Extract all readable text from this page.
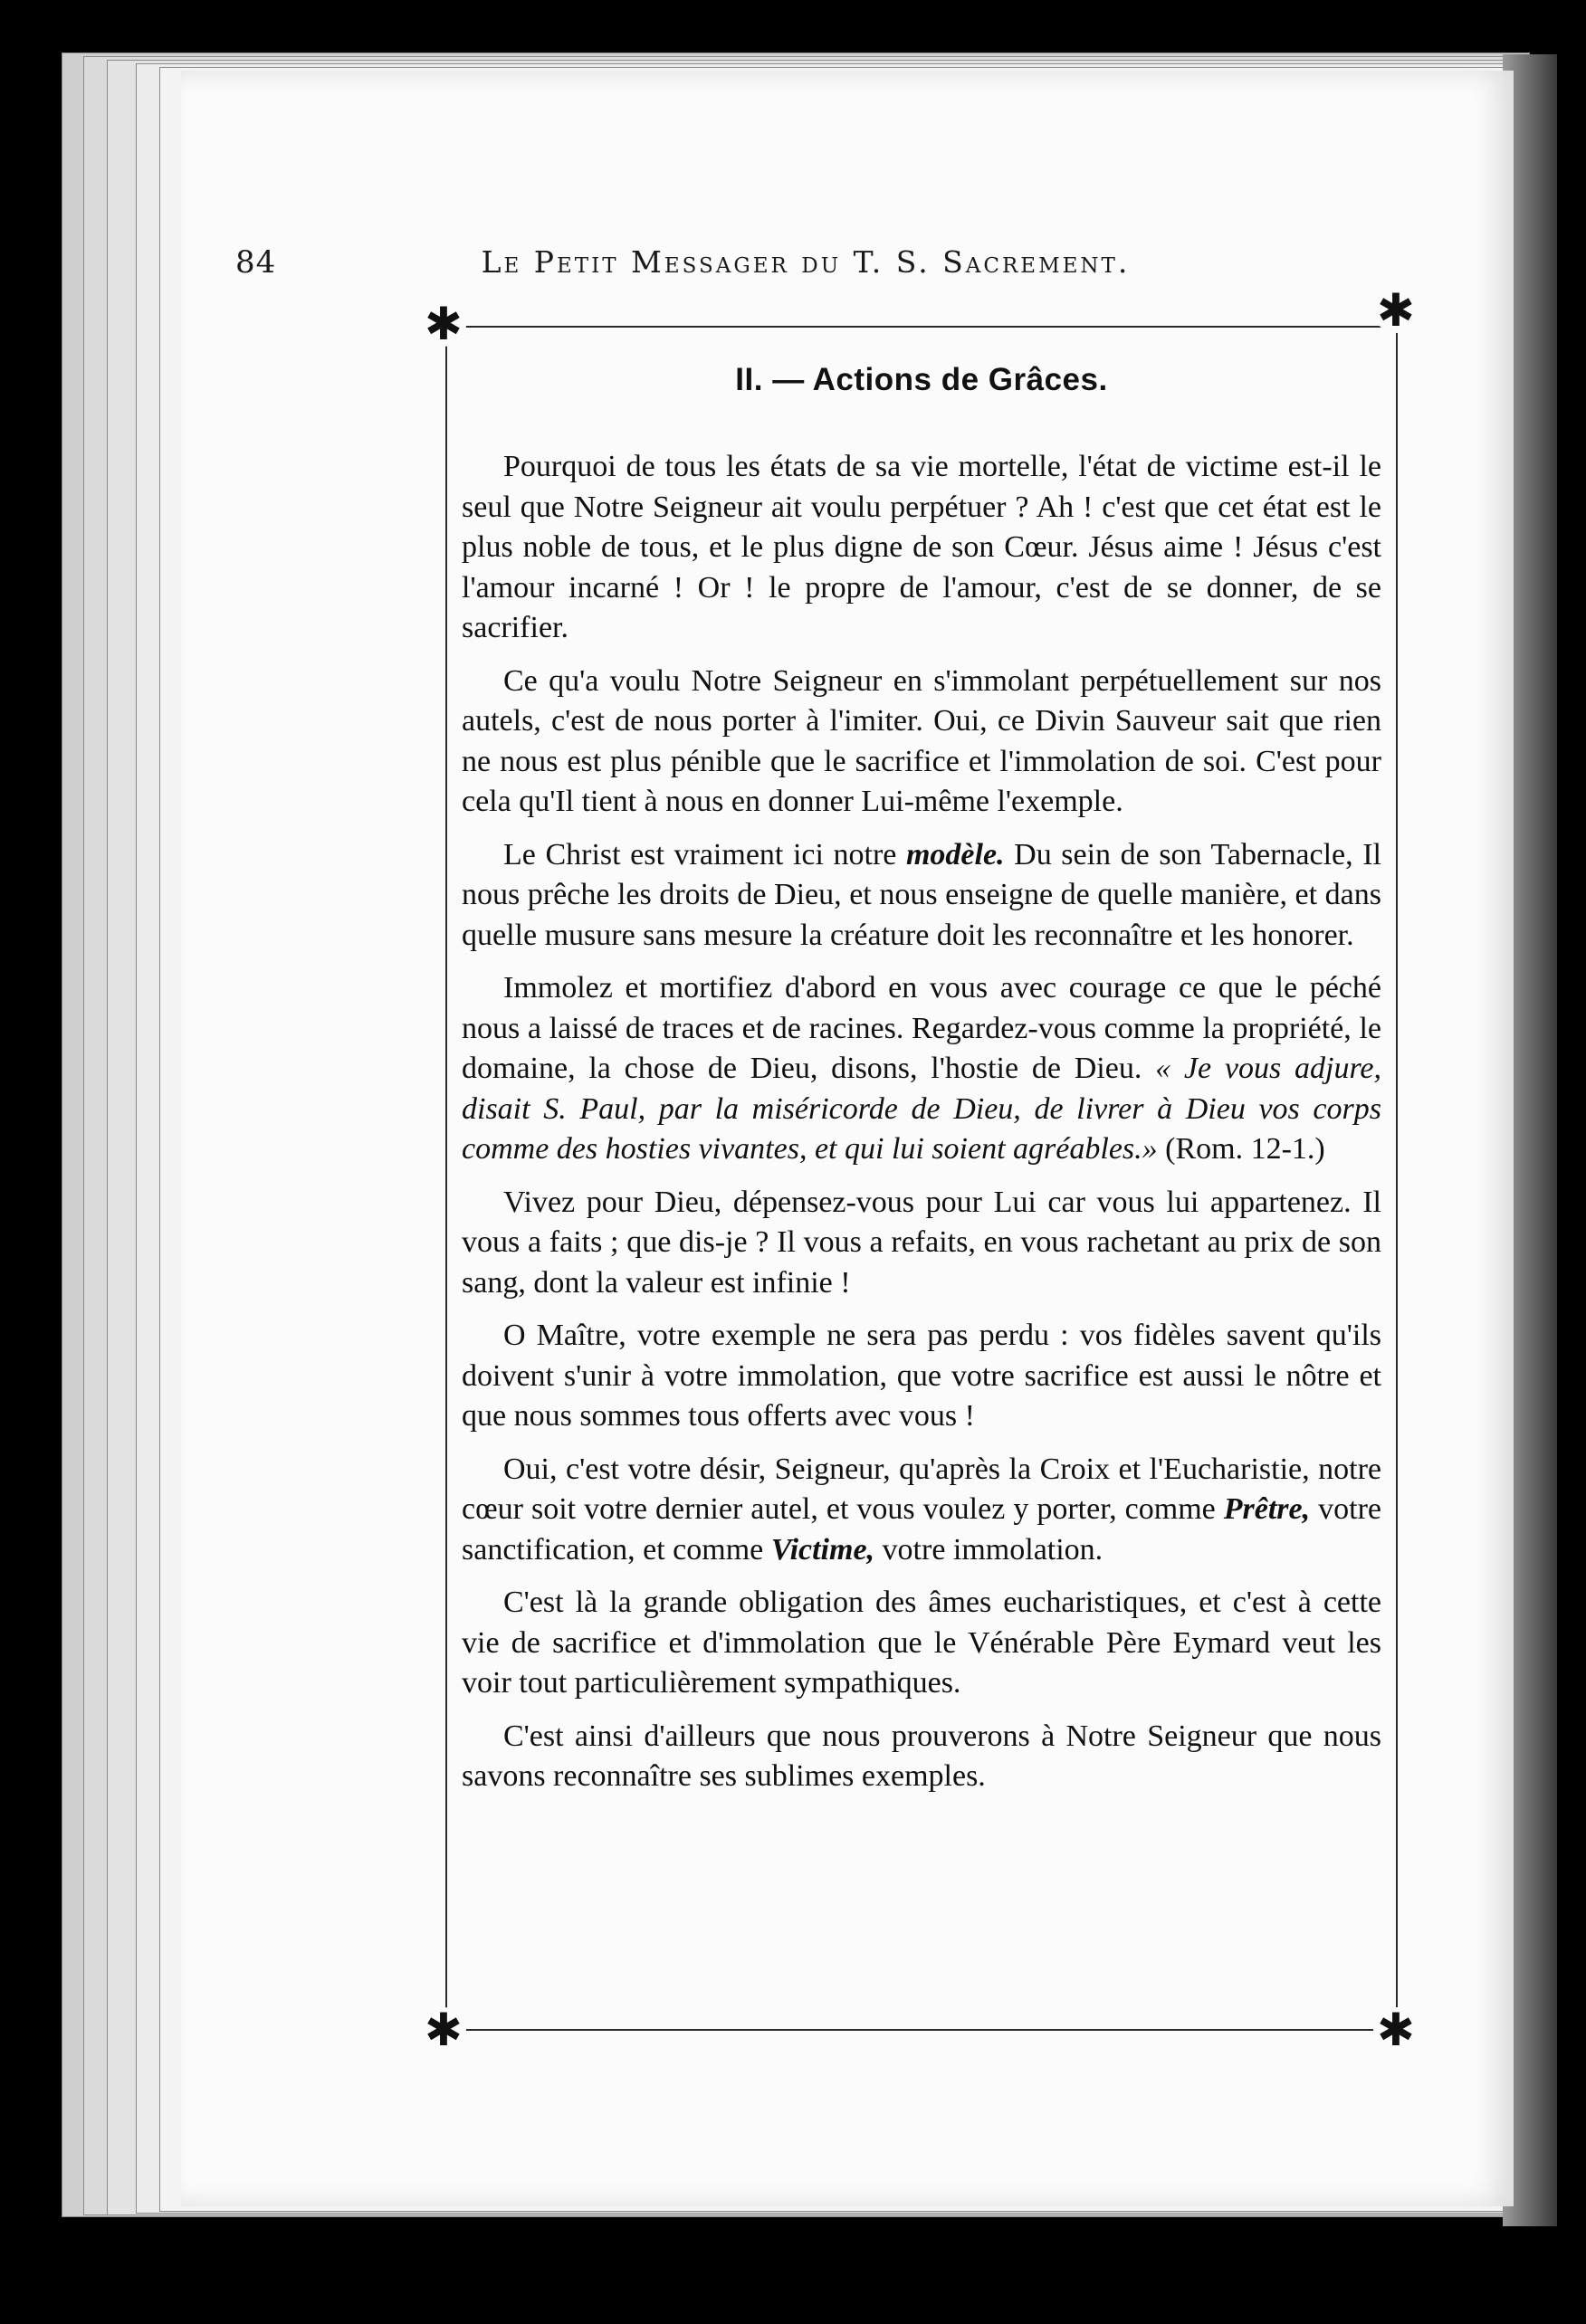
84	Le Petit Messager du T. S. Sacrement.
✱	✱
✱	✱
II. — Actions de Grâces.

Pourquoi de tous les états de sa vie mortelle, l'état de victime est-il le seul que Notre Seigneur ait voulu perpétuer ? Ah ! c'est que cet état est le plus noble de tous, et le plus digne de son Cœur. Jésus aime ! Jésus c'est l'amour incarné ! Or ! le propre de l'amour, c'est de se donner, de se sacrifier.

Ce qu'a voulu Notre Seigneur en s'immolant perpétuellement sur nos autels, c'est de nous porter à l'imiter. Oui, ce Divin Sauveur sait que rien ne nous est plus pénible que le sacrifice et l'immolation de soi. C'est pour cela qu'Il tient à nous en donner Lui-même l'exemple.

Le Christ est vraiment ici notre modèle. Du sein de son Tabernacle, Il nous prêche les droits de Dieu, et nous enseigne de quelle manière, et dans quelle musure sans mesure la créature doit les reconnaître et les honorer.

Immolez et mortifiez d'abord en vous avec courage ce que le péché nous a laissé de traces et de racines. Regardez-vous comme la propriété, le domaine, la chose de Dieu, disons, l'hostie de Dieu. « Je vous adjure, disait S. Paul, par la miséricorde de Dieu, de livrer à Dieu vos corps comme des hosties vivantes, et qui lui soient agréables.» (Rom. 12-1.)

Vivez pour Dieu, dépensez-vous pour Lui car vous lui appartenez. Il vous a faits ; que dis-je ? Il vous a refaits, en vous rachetant au prix de son sang, dont la valeur est infinie !

O Maître, votre exemple ne sera pas perdu : vos fidèles savent qu'ils doivent s'unir à votre immolation, que votre sacrifice est aussi le nôtre et que nous sommes tous offerts avec vous !

Oui, c'est votre désir, Seigneur, qu'après la Croix et l'Eucharistie, notre cœur soit votre dernier autel, et vous voulez y porter, comme Prêtre, votre sanctification, et comme Victime, votre immolation.

C'est là la grande obligation des âmes eucharistiques, et c'est à cette vie de sacrifice et d'immolation que le Vénérable Père Eymard veut les voir tout particulièrement sympathiques.

C'est ainsi d'ailleurs que nous prouverons à Notre Seigneur que nous savons reconnaître ses sublimes exemples.
